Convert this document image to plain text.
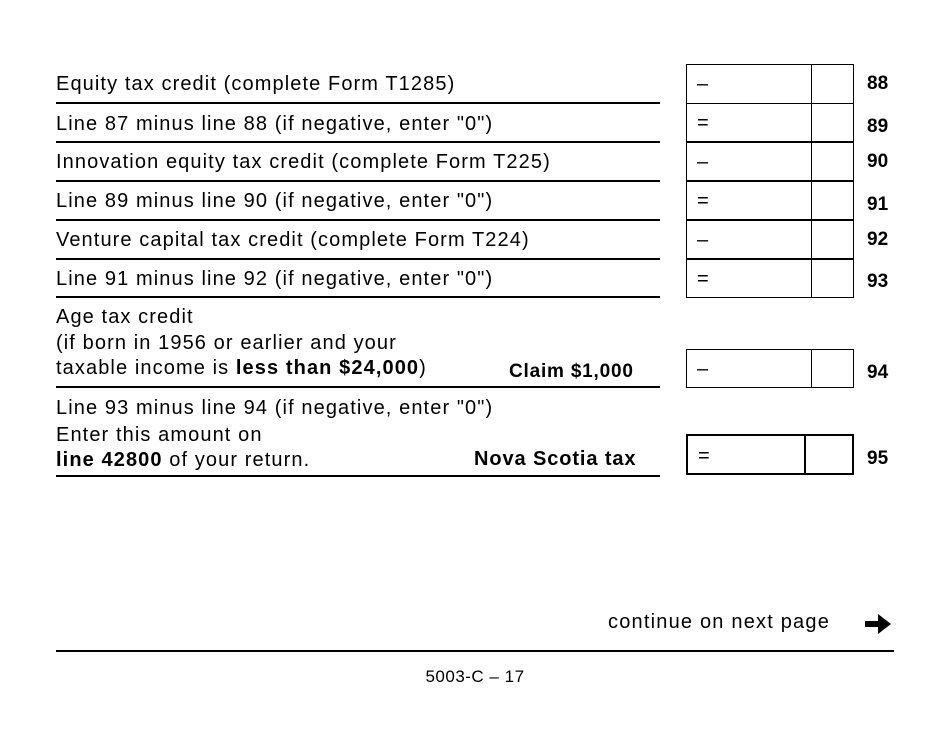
Equity tax credit (complete Form T1285)	–	88
Line 87 minus line 88 (if negative, enter "0")	=	89
Innovation equity tax credit (complete Form T225)	–	90
Line 89 minus line 90 (if negative, enter "0")	=	91
Venture capital tax credit (complete Form T224)	–	92
Line 91 minus line 92 (if negative, enter "0")	=	93
Age tax credit
(if born in 1956 or earlier and your
taxable income is less than $24,000)	Claim $1,000	–	94
Line 93 minus line 94 (if negative, enter "0")
Enter this amount on
line 42800 of your return.	Nova Scotia tax	=	95
continue on next page
5003-C – 17
